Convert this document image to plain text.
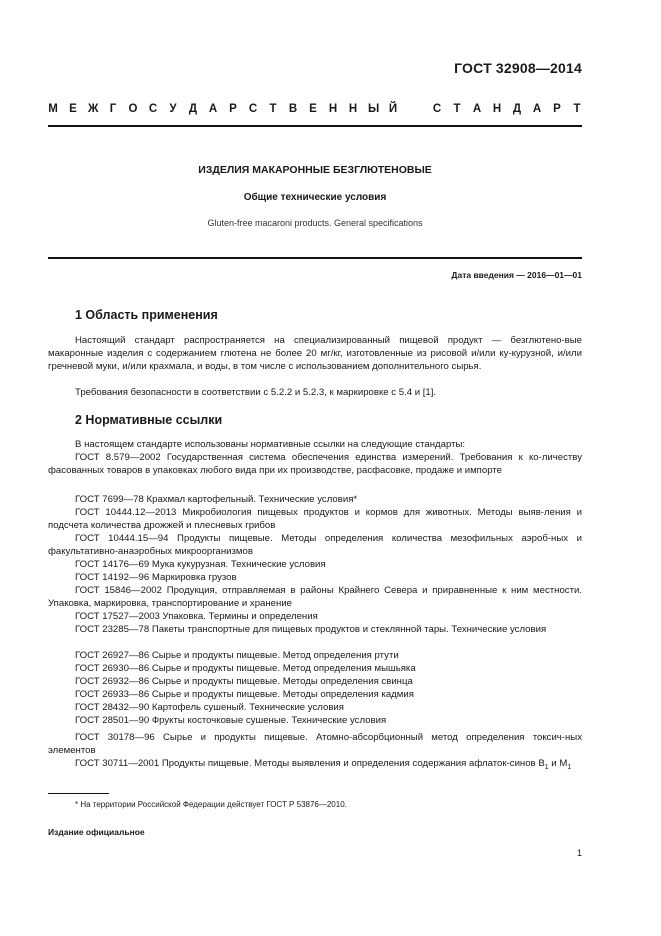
ГОСТ 32908—2014
М Е Ж Г О С У Д А Р С Т В Е Н Н Ы Й	С Т А Н Д А Р Т
ИЗДЕЛИЯ МАКАРОННЫЕ БЕЗГЛЮТЕНОВЫЕ
Общие технические условия
Gluten-free macaroni products. General specifications
Дата введения — 2016—01—01
1 Область применения
Настоящий стандарт распространяется на специализированный пищевой продукт — безглютено-вые макаронные изделия с содержанием глютена не более 20 мг/кг, изготовленные из рисовой и/или ку-курузной, и/или гречневой муки, и/или крахмала, и воды, в том числе с использованием дополнительного сырья.
Требования безопасности в соответствии с 5.2.2 и 5.2.3, к маркировке с 5.4 и [1].
2 Нормативные ссылки
В настоящем стандарте использованы нормативные ссылки на следующие стандарты:
ГОСТ 8.579—2002 Государственная система обеспечения единства измерений. Требования к ко-личеству фасованных товаров в упаковках любого вида при их производстве, расфасовке, продаже и импорте
ГОСТ 7699—78 Крахмал картофельный. Технические условия*
ГОСТ 10444.12—2013 Микробиология пищевых продуктов и кормов для животных. Методы выяв-ления и подсчета количества дрожжей и плесневых грибов
ГОСТ 10444.15—94 Продукты пищевые. Методы определения количества мезофильных аэроб-ных и факультативно-анаэробных микроорганизмов
ГОСТ 14176—69 Мука кукурузная. Технические условия
ГОСТ 14192—96 Маркировка грузов
ГОСТ 15846—2002 Продукция, отправляемая в районы Крайнего Севера и приравненные к ним местности. Упаковка, маркировка, транспортирование и хранение
ГОСТ 17527—2003 Упаковка. Термины и определения
ГОСТ 23285—78 Пакеты транспортные для пищевых продуктов и стеклянной тары. Технические условия
ГОСТ 26927—86 Сырье и продукты пищевые. Метод определения ртути
ГОСТ 26930—86 Сырье и продукты пищевые. Метод определения мышьяка
ГОСТ 26932—86 Сырье и продукты пищевые. Методы определения свинца
ГОСТ 26933—86 Сырье и продукты пищевые. Методы определения кадмия
ГОСТ 28432—90 Картофель сушеный. Технические условия
ГОСТ 28501—90 Фрукты косточковые сушеные. Технические условия
ГОСТ 30178—96 Сырье и продукты пищевые. Атомно-абсорбционный метод определения токсич-ных элементов
ГОСТ 30711—2001 Продукты пищевые. Методы выявления и определения содержания афлаток-синов $B_1$ и $M_1$
* На территории Российской Федерации действует ГОСТ Р 53876—2010.
Издание официальное
1
